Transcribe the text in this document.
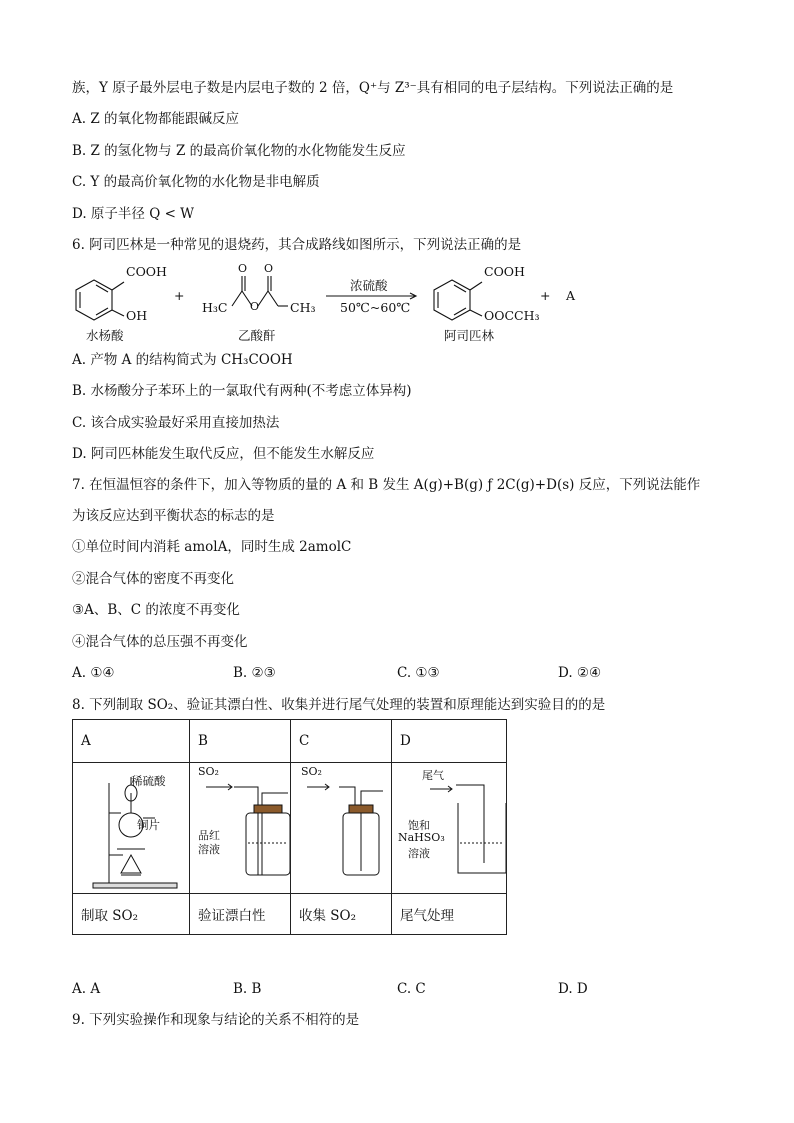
族，Y 原子最外层电子数是内层电子数的 2 倍，Q⁺与 Z³⁻具有相同的电子层结构。下列说法正确的是
A. Z 的氧化物都能跟碱反应
B. Z 的氢化物与 Z 的最高价氧化物的水化物能发生反应
C. Y 的最高价氧化物的水化物是非电解质
D. 原子半径 Q < W
6. 阿司匹林是一种常见的退烧药，其合成路线如图所示，下列说法正确的是
COOH
OH
水杨酸
+
O O
O
H₃C	CH₃
乙酸酐
浓硫酸
50℃~60℃
COOH
OOCCH₃
阿司匹林
+ A
A. 产物 A 的结构简式为 CH₃COOH
B. 水杨酸分子苯环上的一氯取代有两种(不考虑立体异构)
C. 该合成实验最好采用直接加热法
D. 阿司匹林能发生取代反应，但不能发生水解反应
7. 在恒温恒容的条件下，加入等物质的量的 A 和 B 发生 A(g)+B(g) ƒ 2C(g)+D(s) 反应，下列说法能作
为该反应达到平衡状态的标志的是
①单位时间内消耗 amolA，同时生成 2amolC
②混合气体的密度不再变化
③A、B、C 的浓度不再变化
④混合气体的总压强不再变化
A. ①④	B. ②③	C. ①③	D. ②④
8. 下列制取 SO₂、验证其漂白性、收集并进行尾气处理的装置和原理能达到实验目的的是
A	B	C	D

稀硫酸
铜片	SO₂
品红
溶液	SO₂	尾气
饱和
NaHSO₃
溶液

制取 SO₂	验证漂白性	收集 SO₂	尾气处理
A. A	B. B	C. C	D. D
9. 下列实验操作和现象与结论的关系不相符的是
